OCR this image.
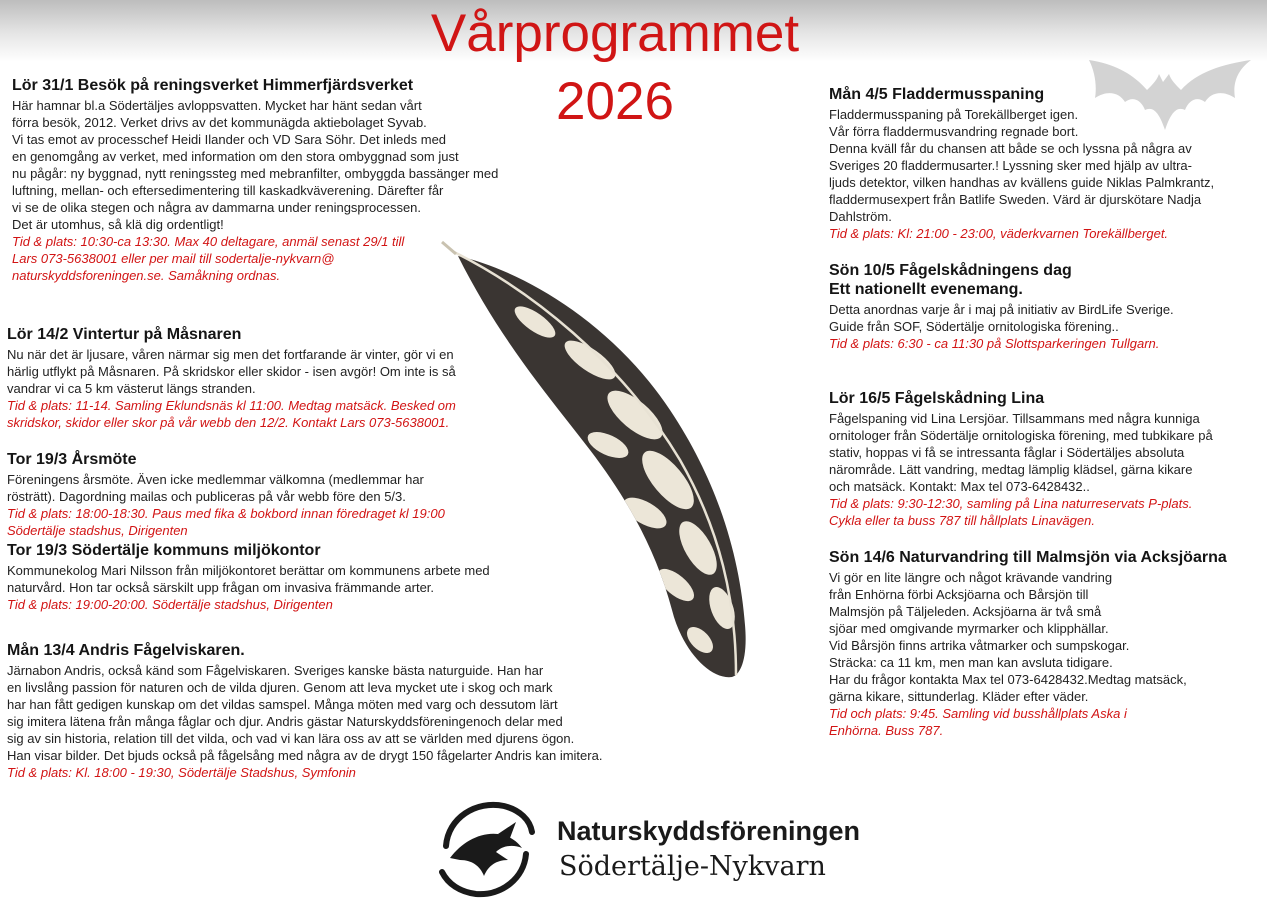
Vårprogrammet
2026
Lör 31/1 Besök på reningsverket Himmerfjärdsverket

Här hamnar bl.a Södertäljes avloppsvatten. Mycket har hänt sedan vårt
förra besök, 2012. Verket drivs av det kommunägda aktiebolaget Syvab.
Vi tas emot av processchef Heidi Ilander och VD Sara Söhr. Det inleds med
en genomgång av verket, med information om den stora ombyggnad som just
nu pågår: ny byggnad, nytt reningssteg med mebranfilter, ombyggda bassänger med
luftning, mellan- och eftersedimentering till kaskadkväverening. Därefter får
vi se de olika stegen och några av dammarna under reningsprocessen.
Det är utomhus, så klä dig ordentligt!

Tid & plats: 10:30-ca 13:30. Max 40 deltagare, anmäl senast 29/1 till
Lars 073-5638001 eller per mail till sodertalje-nykvarn@
naturskyddsforeningen.se. Samåkning ordnas.

Lör 14/2 Vintertur på Måsnaren

Nu när det är ljusare, våren närmar sig men det fortfarande är vinter, gör vi en
härlig utflykt på Måsnaren. På skridskor eller skidor - isen avgör! Om inte is så
vandrar vi ca 5 km västerut längs stranden.

Tid & plats: 11-14. Samling Eklundsnäs kl 11:00. Medtag matsäck. Besked om
skridskor, skidor eller skor på vår webb den 12/2. Kontakt Lars 073-5638001.

Tor 19/3 Årsmöte

Föreningens årsmöte. Även icke medlemmar välkomna (medlemmar har
rösträtt). Dagordning mailas och publiceras på vår webb före den 5/3.

Tid & plats: 18:00-18:30. Paus med fika & bokbord innan föredraget kl 19:00
Södertälje stadshus, Dirigenten

Tor 19/3 Södertälje kommuns miljökontor

Kommunekolog Mari Nilsson från miljökontoret berättar om kommunens arbete med
naturvård. Hon tar också särskilt upp frågan om invasiva främmande arter.

Tid & plats: 19:00-20:00. Södertälje stadshus, Dirigenten

Mån 13/4 Andris Fågelviskaren.

Järnabon Andris, också känd som Fågelviskaren. Sveriges kanske bästa naturguide. Han har
en livslång passion för naturen och de vilda djuren. Genom att leva mycket ute i skog och mark
har han fått gedigen kunskap om det vildas samspel. Många möten med varg och dessutom lärt
sig imitera lätena från många fåglar och djur. Andris gästar Naturskyddsföreningenoch delar med
sig av sin historia, relation till det vilda, och vad vi kan lära oss av att se världen med djurens ögon.
Han visar bilder. Det bjuds också på fågelsång med några av de drygt 150 fågelarter Andris kan imitera.

Tid & plats: Kl. 18:00 - 19:30, Södertälje Stadshus, Symfonin

Mån 4/5 Fladdermusspaning

Fladdermusspaning på Torekällberget igen.
Vår förra fladdermusvandring regnade bort.
Denna kväll får du chansen att både se och lyssna på några av
Sveriges 20 fladdermusarter.! Lyssning sker med hjälp av ultra-
ljuds detektor, vilken handhas av kvällens guide Niklas Palmkrantz,
fladdermusexpert från Batlife Sweden. Värd är djurskötare Nadja
Dahlström.

Tid & plats: Kl: 21:00 - 23:00, väderkvarnen Torekällberget.

Sön 10/5 Fågelskådningens dag
Ett nationellt evenemang.

Detta anordnas varje år i maj på initiativ av BirdLife Sverige.
Guide från SOF, Södertälje ornitologiska förening..

Tid & plats: 6:30 - ca 11:30 på Slottsparkeringen Tullgarn.

Lör 16/5 Fågelskådning Lina

Fågelspaning vid Lina Lersjöar. Tillsammans med några kunniga
ornitologer från Södertälje ornitologiska förening, med tubkikare på
stativ, hoppas vi få se intressanta fåglar i Södertäljes absoluta
närområde. Lätt vandring, medtag lämplig klädsel, gärna kikare
och matsäck. Kontakt: Max tel 073-6428432..

Tid & plats: 9:30-12:30, samling på Lina naturreservats P-plats.
Cykla eller ta buss 787 till hållplats Linavägen.

Sön 14/6 Naturvandring till Malmsjön via Acksjöarna

Vi gör en lite längre och något krävande vandring
från Enhörna förbi Acksjöarna och Bårsjön till
Malmsjön på Täljeleden. Acksjöarna är två små
sjöar med omgivande myrmarker och klipphällar.
Vid Bårsjön finns artrika våtmarker och sumpskogar.
Sträcka: ca 11 km, men man kan avsluta tidigare.
Har du frågor kontakta Max tel 073-6428432.Medtag matsäck,
gärna kikare, sittunderlag. Kläder efter väder.

Tid och plats: 9:45. Samling vid busshållplats Aska i
Enhörna. Buss 787.

Naturskyddsföreningen
Södertälje-Nykvarn
